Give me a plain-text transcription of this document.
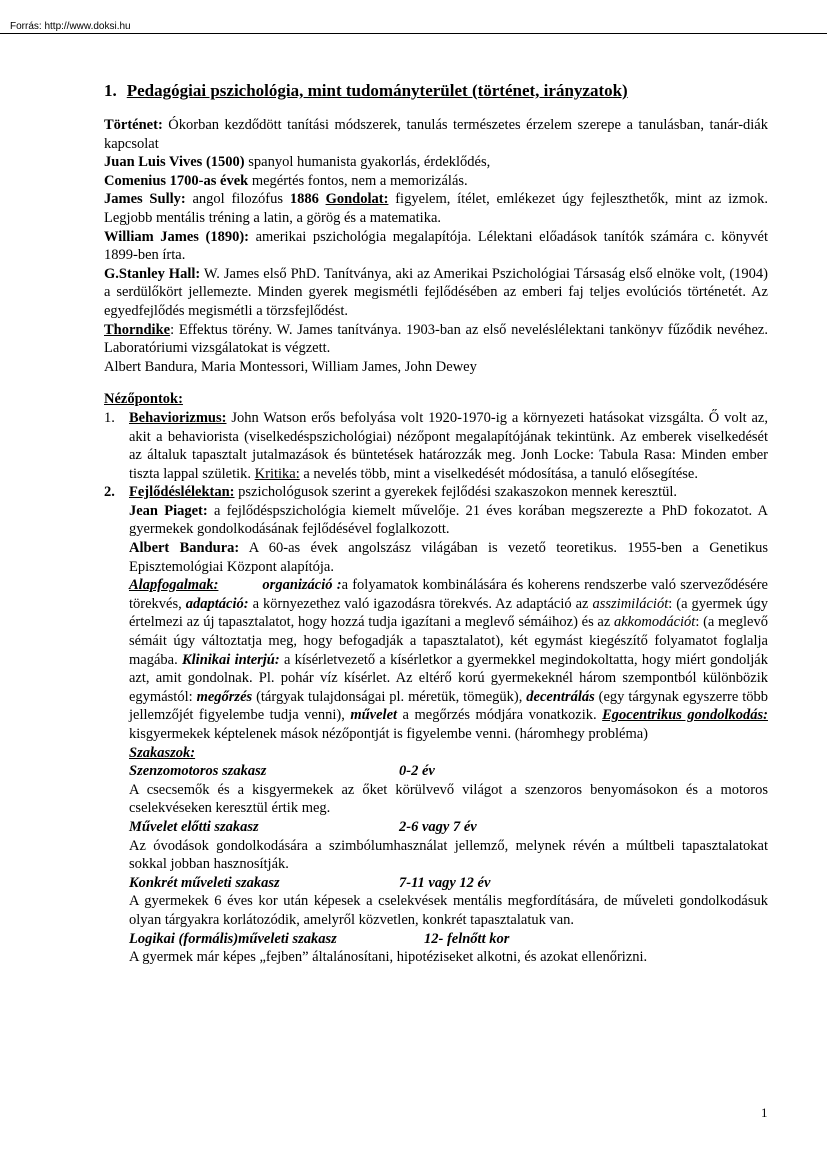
Forrás: http://www.doksi.hu
1. Pedagógiai pszichológia, mint tudományterület (történet, irányzatok)

Történet: Ókorban kezdődött tanítási módszerek, tanulás természetes érzelem szerepe a tanulásban, tanár-diák kapcsolat

Juan Luis Vives (1500) spanyol humanista gyakorlás, érdeklődés,

Comenius 1700-as évek megértés fontos, nem a memorizálás.

James Sully: angol filozófus 1886 Gondolat: figyelem, ítélet, emlékezet úgy fejleszthetők, mint az izmok. Legjobb mentális tréning a latin, a görög és a matematika.

William James (1890): amerikai pszichológia megalapítója. Lélektani előadások tanítók számára c. könyvét 1899-ben írta.

G.Stanley Hall: W. James első PhD. Tanítványa, aki az Amerikai Pszichológiai Társaság első elnöke volt, (1904) a serdülőkört jellemezte. Minden gyerek megismétli fejlődésében az emberi faj teljes evolúciós történetét. Az egyedfejlődés megismétli a törzsfejlődést.

Thorndike: Effektus törény. W. James tanítványa. 1903-ban az első neveléslélektani tankönyv fűződik nevéhez. Laboratóriumi vizsgálatokat is végzett.

Albert Bandura, Maria Montessori, William James, John Dewey

Nézőpontok:

1. Behaviorizmus: John Watson erős befolyása volt 1920-1970-ig a környezeti hatásokat vizsgálta. Ő volt az, akit a behaviorista (viselkedéspszichológiai) nézőpont megalapítójának tekintünk. Az emberek viselkedését az általuk tapasztalt jutalmazások és büntetések határozzák meg. Jonh Locke: Tabula Rasa: Minden ember tiszta lappal születik. Kritika: a nevelés több, mint a viselkedését módosítása, a tanuló elősegítése.
2. Fejlődéslélektan: pszichológusok szerint a gyerekek fejlődési szakaszokon mennek keresztül.

Jean Piaget: a fejlődéspszichológia kiemelt művelője. 21 éves korában megszerezte a PhD fokozatot. A gyermekek gondolkodásának fejlődésével foglalkozott.

Albert Bandura: A 60-as évek angolszász világában is vezető teoretikus. 1955-ben a Genetikus Episztemológiai Központ alapítója.

Alapfogalmak:	organizáció :a folyamatok kombinálására és koherens rendszerbe való szerveződésére törekvés, adaptáció: a környezethez való igazodásra törekvés. Az adaptáció az asszimilációt: (a gyermek úgy értelmezi az új tapasztalatot, hogy hozzá tudja igazítani a meglevő sémáihoz) és az akkomodációt: (a meglevő sémáit úgy változtatja meg, hogy befogadják a tapasztalatot), két egymást kiegészítő folyamatot foglalja magába. Klinikai interjú: a kísérletvezető a kísérletkor a gyermekkel megindokoltatta, hogy miért gondolják azt, amit gondolnak. Pl. pohár víz kísérlet. Az eltérő korú gyermekeknél három szempontból különbözik egymástól: megőrzés (tárgyak tulajdonságai pl. méretük, tömegük), decentrálás (egy tárgynak egyszerre több jellemzőjét figyelembe tudja venni), művelet a megőrzés módjára vonatkozik. Egocentrikus gondolkodás: kisgyermekek képtelenek mások nézőpontját is figyelembe venni. (háromhegy probléma)

Szakaszok:

Szenzomotoros szakasz	0-2 év

A csecsemők és a kisgyermekek az őket körülvevő világot a szenzoros benyomásokon és a motoros cselekvéseken keresztül értik meg.

Művelet előtti szakasz	2-6 vagy 7 év

Az óvodások gondolkodására a szimbólumhasználat jellemző, melynek révén a múltbeli tapasztalatokat sokkal jobban hasznosítják.

Konkrét műveleti szakasz	7-11 vagy 12 év

A gyermekek 6 éves kor után képesek a cselekvések mentális megfordítására, de műveleti gondolkodásuk olyan tárgyakra korlátozódik, amelyről közvetlen, konkrét tapasztalatuk van.

Logikai (formális)műveleti szakasz	12- felnőtt kor

A gyermek már képes „fejben” általánosítani, hipotéziseket alkotni, és azokat ellenőrizni.

1
